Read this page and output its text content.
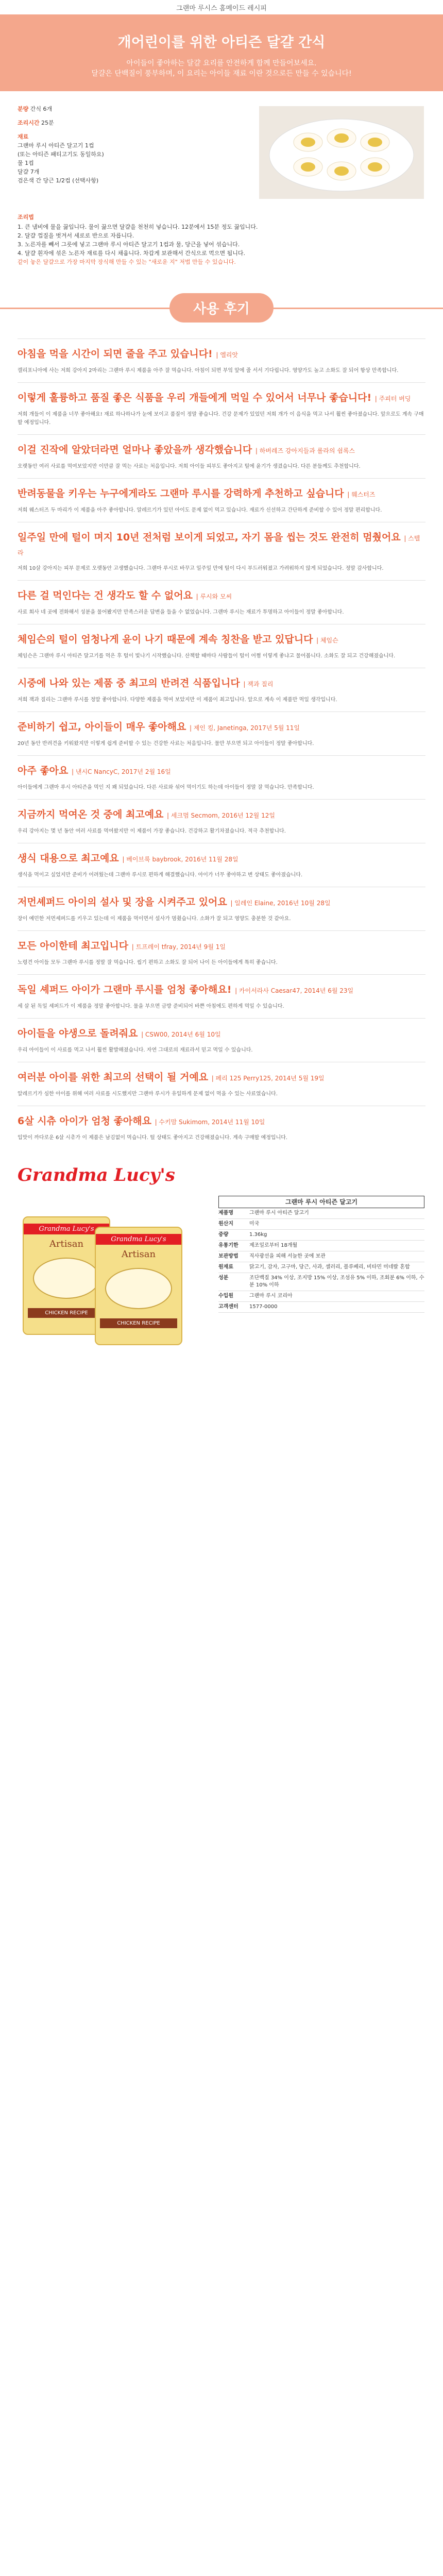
그랜마 루시스 홈메이드 레시피
개어린이를 위한 아티즌 달걀 간식

아이들이 좋아하는 달걀 요리를 안전하게 함께 만들어보세요.

달걀은 단백질이 풍부하며, 이 요리는 아이들 재료 이란 것으로든 만들 수 있습니다!

분량 간식 6개
조리시간 25분
재료
그랜마 루시 아티즌 달고기 1컵
(또는 아티즌 패티고기도 동일하요)
물 1컵
달걀 7개
검은색 간 당근 1/2컵 (선택사항)
조리법
1. 큰 냄비에 물을 끓입니다. 물이 끓으면 달걀을 천천히 넣습니다. 12분에서 15분 정도 끓입니다.
2. 달걀 껍질을 벗겨서 세로로 반으로 자릅니다.
3. 노른자를 빼서 그릇에 넣고 그랜마 루시 아티즌 달고기 1컵과 물, 당근을 넣어 섞습니다.
4. 달걀 흰자에 섞은 노른자 재료를 다시 채웁니다. 차갑게 보관해서 간식으로 먹으면 됩니다.
같이 놓은 달걀으로 가장 마지막 장식해 만들 수 있는 "새로운 지" 저법 만들 수 있습니다.
사용 후기
아침을 먹을 시간이 되면 줄을 주고 있습니다! | 엘리앗
캘리포니아에 사는 저희 강아지 2마리는 그랜마 루시 제품을 아주 잘 먹습니다. 아침이 되면 부엌 앞에 줄 서서 기다립니다. 영양가도 높고 소화도 잘 되어 항상 만족합니다.
이렇게 훌륭하고 품질 좋은 식품을 우리 개들에게 먹일 수 있어서 너무나 좋습니다! | 주피터 버딩
저희 개들이 이 제품을 너무 좋아해요! 재료 하나하나가 눈에 보이고 품질이 정말 좋습니다. 건강 문제가 있었던 저희 개가 이 음식을 먹고 나서 훨씬 좋아졌습니다. 앞으로도 계속 구매할 예정입니다.
이걸 진작에 알았더라면 얼마나 좋았을까 생각했습니다 | 하버레즈 강아지들과 롤라의 쉼록스
오랫동안 여러 사료를 먹여보았지만 이만큼 잘 먹는 사료는 처음입니다. 저희 아이들 피부도 좋아지고 털에 윤기가 생겼습니다. 다른 분들께도 추천합니다.
반려동물을 키우는 누구에게라도 그랜마 루시를 강력하게 추천하고 싶습니다 | 웨스터즈
저희 웨스터즈 두 마리가 이 제품을 아주 좋아합니다. 알레르기가 있던 아이도 문제 없이 먹고 있습니다. 재료가 신선하고 간단하게 준비할 수 있어 정말 편리합니다.
일주일 만에 털이 며지 10년 전처럼 보이게 되었고, 자기 몸을 씹는 것도 완전히 멈췄어요 | 스텔라
저희 10살 강아지는 피부 문제로 오랫동안 고생했습니다. 그랜마 루시로 바꾸고 일주일 만에 털이 다시 부드러워졌고 가려워하지 않게 되었습니다. 정말 감사합니다.
다른 걸 먹인다는 건 생각도 할 수 없어요 | 루시와 모씨
사료 회사 네 곳에 전화해서 성분을 물어봤지만 만족스러운 답변을 들을 수 없었습니다. 그랜마 루시는 재료가 투명하고 아이들이 정말 좋아합니다.
체임슨의 털이 엄청나게 윤이 나기 때문에 계속 칭찬을 받고 있답니다 | 체임슨
체임슨은 그랜마 루시 아티즌 달고기를 먹은 후 털이 빛나기 시작했습니다. 산책할 때마다 사람들이 털이 어쩜 이렇게 좋냐고 물어봅니다. 소화도 잘 되고 건강해졌습니다.
시중에 나와 있는 제품 중 최고의 반려견 식품입니다 | 잭과 질리
저희 잭과 질리는 그랜마 루시를 정말 좋아합니다. 다양한 제품을 먹여 보았지만 이 제품이 최고입니다. 앞으로 계속 이 제품만 먹일 생각입니다.
준비하기 쉽고, 아이들이 매우 좋아해요 | 제인 킹, Janetinga, 2017년 5월 11일
20년 동안 반려견을 키워왔지만 이렇게 쉽게 준비할 수 있는 건강한 사료는 처음입니다. 물만 부으면 되고 아이들이 정말 좋아합니다.
아주 좋아요 | 낸시C NancyC, 2017년 2월 16일
아이들에게 그랜마 루시 아티즌을 먹인 지 꽤 되었습니다. 다른 사료와 섞어 먹이기도 하는데 아이들이 정말 잘 먹습니다. 만족합니다.
지금까지 먹여온 것 중에 최고예요 | 세크멈 Secmom, 2016년 12월 12일
우리 강아지는 몇 년 동안 여러 사료를 먹여왔지만 이 제품이 가장 좋습니다. 건강하고 활기차졌습니다. 적극 추천합니다.
생식 대용으로 최고예요 | 베이브룩 baybrook, 2016년 11월 28일
생식을 먹이고 싶었지만 준비가 어려웠는데 그랜마 루시로 편하게 해결했습니다. 아이가 너무 좋아하고 변 상태도 좋아졌습니다.
저먼셰퍼드 아이의 설사 및 장을 시켜주고 있어요 | 일레인 Elaine, 2016년 10월 28일
장이 예민한 저먼셰퍼드를 키우고 있는데 이 제품을 먹이면서 설사가 멈췄습니다. 소화가 잘 되고 영양도 충분한 것 같아요.
모든 아이한테 최고입니다 | 트프레이 tfray, 2014년 9월 1일
노령견 아이들 모두 그랜마 루시를 정말 잘 먹습니다. 씹기 편하고 소화도 잘 되어 나이 든 아이들에게 특히 좋습니다.
독일 셰퍼드 아이가 그랜마 루시를 엄청 좋아해요! | 카이서라사 Caesar47, 2014년 6월 23일
세 살 된 독일 셰퍼드가 이 제품을 정말 좋아합니다. 물을 부으면 금방 준비되어 바쁜 아침에도 편하게 먹일 수 있습니다.
아이들을 야생으로 돌려줘요 | CSW00, 2014년 6월 10일
우리 아이들이 이 사료를 먹고 나서 훨씬 활발해졌습니다. 자연 그대로의 재료라서 믿고 먹일 수 있습니다.
여러분 아이를 위한 최고의 선택이 될 거예요 | 페리 125 Perry125, 2014년 5월 19일
알레르기가 심한 아이를 위해 여러 사료를 시도했지만 그랜마 루시가 유일하게 문제 없이 먹을 수 있는 사료였습니다.
6살 시츄 아이가 엄청 좋아해요 | 수키맘 Sukimom, 2014년 11월 10일
입맛이 까다로운 6살 시츄가 이 제품은 남김없이 먹습니다. 털 상태도 좋아지고 건강해졌습니다. 계속 구매할 예정입니다.
Grandma Lucy's
Grandma Lucy's
Artisan
CHICKEN RECIPE
Grandma Lucy's
Artisan
CHICKEN RECIPE
그랜마 루시 아티즌 달고기
제품명	그랜마 루시 아티즌 달고기
원산지	미국
중량	1.36kg
유통기한	제조일로부터 18개월
보관방법	직사광선을 피해 서늘한 곳에 보관
원재료	닭고기, 감자, 고구마, 당근, 사과, 셀러리, 블루베리, 비타민 미네랄 혼합
성분	조단백질 34% 이상, 조지방 15% 이상, 조섬유 5% 이하, 조회분 6% 이하, 수분 10% 이하
수입원	그랜마 루시 코리아
고객센터	1577-0000
